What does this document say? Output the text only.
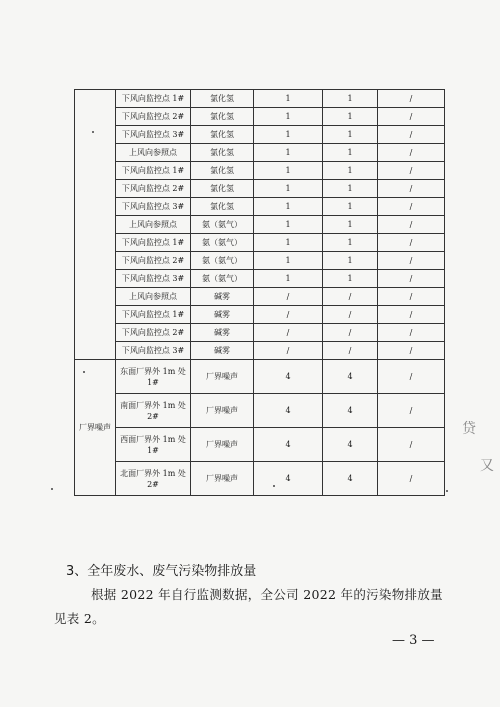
	下风向监控点 1#	氯化氢	1	1	/
	下风向监控点 2#	氯化氢	1	1	/
	下风向监控点 3#	氯化氢	1	1	/
	上风向参照点	氯化氢	1	1	/
	下风向监控点 1#	氯化氢	1	1	/
	下风向监控点 2#	氯化氢	1	1	/
	下风向监控点 3#	氯化氢	1	1	/
	上风向参照点	氨（氨气）	1	1	/
	下风向监控点 1#	氨（氨气）	1	1	/
	下风向监控点 2#	氨（氨气）	1	1	/
	下风向监控点 3#	氨（氨气）	1	1	/
	上风向参照点	碱雾	/	/	/
	下风向监控点 1#	碱雾	/	/	/
	下风向监控点 2#	碱雾	/	/	/
	下风向监控点 3#	碱雾	/	/	/
厂界噪声	东面厂界外 1m 处 1#	厂界噪声	4	4	/
	南面厂界外 1m 处 2#	厂界噪声	4	4	/
	西面厂界外 1m 处 1#	厂界噪声	4	4	/
	北面厂界外 1m 处 2#	厂界噪声	4	4	/
3、全年废水、废气污染物排放量
根据 2022 年自行监测数据，全公司 2022 年的污染物排放量见表 2。
— 3 —
贷
又
